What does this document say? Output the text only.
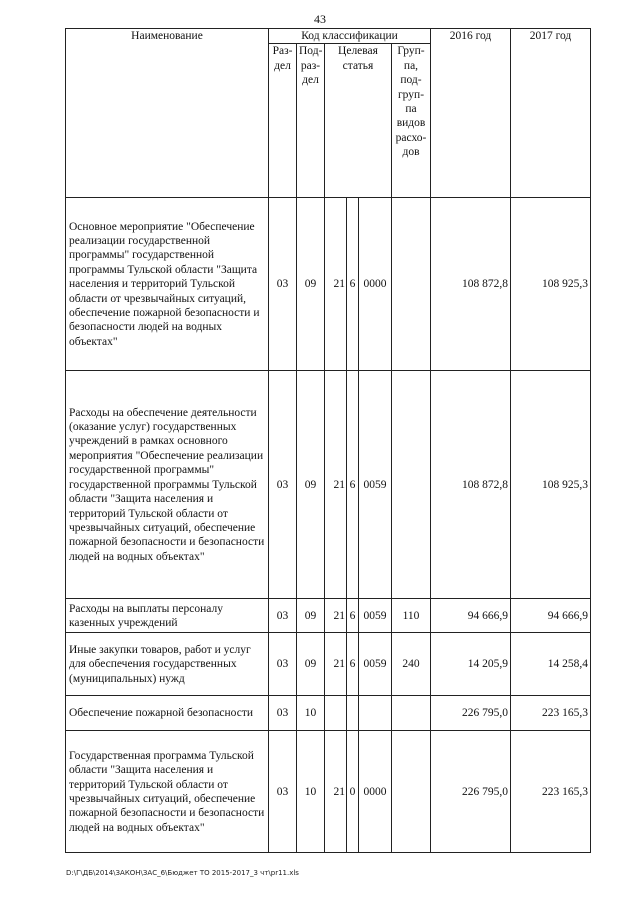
43
Наименование	Код классификации						2016 год	2017 год
	Раз-дел	Под-раз-дел	Целевая статья			Груп-па, под-груп-па видов расхо-дов		
Основное мероприятие "Обеспечение реализации государственной программы" государственной программы Тульской области "Защита населения и территорий Тульской области от чрезвычайных ситуаций, обеспечение пожарной безопасности и безопасности людей на водных объектах"	03	09	21	6	0000		108 872,8	108 925,3
Расходы на обеспечение деятельности (оказание услуг) государственных учреждений в рамках основного мероприятия "Обеспечение реализации государственной программы" государственной программы Тульской области "Защита населения и территорий Тульской области от чрезвычайных ситуаций, обеспечение пожарной безопасности и безопасности людей на водных объектах"	03	09	21	6	0059		108 872,8	108 925,3
Расходы на выплаты персоналу казенных учреждений	03	09	21	6	0059	110	94 666,9	94 666,9
Иные закупки товаров, работ и услуг для обеспечения государственных (муниципальных) нужд	03	09	21	6	0059	240	14 205,9	14 258,4
Обеспечение пожарной безопасности	03	10					226 795,0	223 165,3
Государственная программа Тульской области "Защита населения и территорий Тульской области от чрезвычайных ситуаций, обеспечение пожарной безопасности и безопасности людей на водных объектах"	03	10	21	0	0000		226 795,0	223 165,3
D:\Г\ДБ\2014\ЗАКОН\ЗАС_6\Бюджет ТО 2015-2017_3 чт\pr11.xls
